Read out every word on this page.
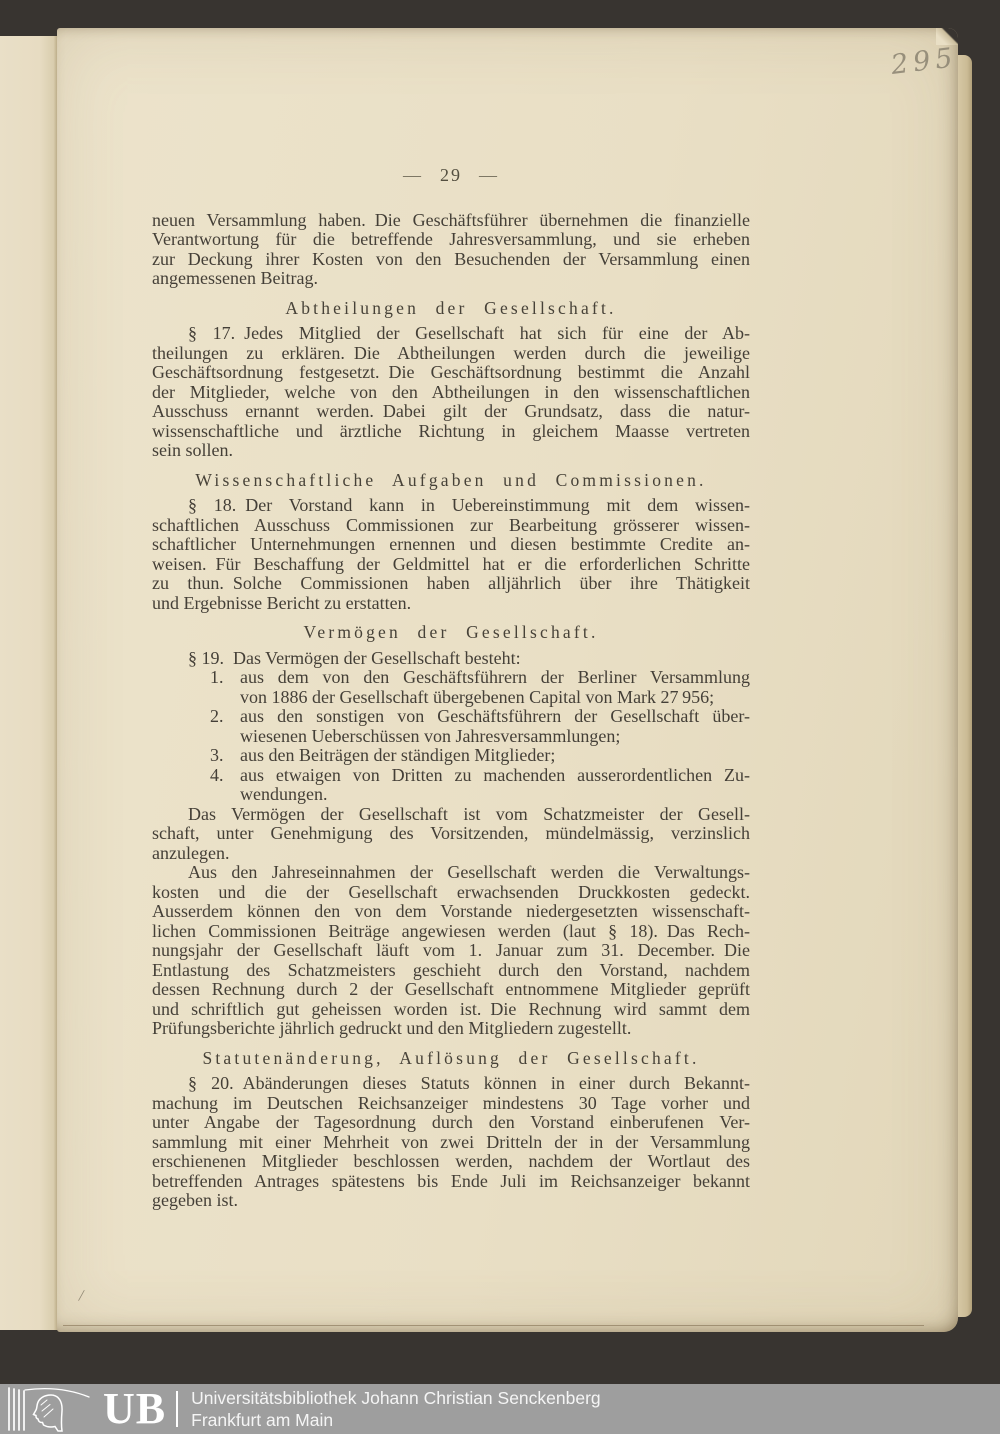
295
/
— 29 —
neuen Versammlung haben. Die Geschäftsführer übernehmen die finanzielle
Verantwortung für die betreffende Jahresversammlung, und sie erheben
zur Deckung ihrer Kosten von den Besuchenden der Versammlung einen
angemessenen Beitrag.
Abtheilungen der Gesellschaft.
§ 17. Jedes Mitglied der Gesellschaft hat sich für eine der Ab-
theilungen zu erklären. Die Abtheilungen werden durch die jeweilige
Geschäftsordnung festgesetzt. Die Geschäftsordnung bestimmt die Anzahl
der Mitglieder, welche von den Abtheilungen in den wissenschaftlichen
Ausschuss ernannt werden. Dabei gilt der Grundsatz, dass die natur-
wissenschaftliche und ärztliche Richtung in gleichem Maasse vertreten
sein sollen.
Wissenschaftliche Aufgaben und Commissionen.
§ 18. Der Vorstand kann in Uebereinstimmung mit dem wissen-
schaftlichen Ausschuss Commissionen zur Bearbeitung grösserer wissen-
schaftlicher Unternehmungen ernennen und diesen bestimmte Credite an-
weisen. Für Beschaffung der Geldmittel hat er die erforderlichen Schritte
zu thun. Solche Commissionen haben alljährlich über ihre Thätigkeit
und Ergebnisse Bericht zu erstatten.
Vermögen der Gesellschaft.
§ 19. Das Vermögen der Gesellschaft besteht:
1. aus dem von den Geschäftsführern der Berliner Versammlung
von 1886 der Gesellschaft übergebenen Capital von Mark 27 956;
2. aus den sonstigen von Geschäftsführern der Gesellschaft über-
wiesenen Ueberschüssen von Jahresversammlungen;
3. aus den Beiträgen der ständigen Mitglieder;
4. aus etwaigen von Dritten zu machenden ausserordentlichen Zu-
wendungen.
Das Vermögen der Gesellschaft ist vom Schatzmeister der Gesell-
schaft, unter Genehmigung des Vorsitzenden, mündelmässig, verzinslich
anzulegen.
Aus den Jahreseinnahmen der Gesellschaft werden die Verwaltungs-
kosten und die der Gesellschaft erwachsenden Druckkosten gedeckt.
Ausserdem können den von dem Vorstande niedergesetzten wissenschaft-
lichen Commissionen Beiträge angewiesen werden (laut § 18). Das Rech-
nungsjahr der Gesellschaft läuft vom 1. Januar zum 31. December. Die
Entlastung des Schatzmeisters geschieht durch den Vorstand, nachdem
dessen Rechnung durch 2 der Gesellschaft entnommene Mitglieder geprüft
und schriftlich gut geheissen worden ist. Die Rechnung wird sammt dem
Prüfungsberichte jährlich gedruckt und den Mitgliedern zugestellt.
Statutenänderung, Auflösung der Gesellschaft.
§ 20. Abänderungen dieses Statuts können in einer durch Bekannt-
machung im Deutschen Reichsanzeiger mindestens 30 Tage vorher und
unter Angabe der Tagesordnung durch den Vorstand einberufenen Ver-
sammlung mit einer Mehrheit von zwei Dritteln der in der Versammlung
erschienenen Mitglieder beschlossen werden, nachdem der Wortlaut des
betreffenden Antrages spätestens bis Ende Juli im Reichsanzeiger bekannt
gegeben ist.
UB Universitätsbibliothek Johann Christian Senckenberg
Frankfurt am Main
